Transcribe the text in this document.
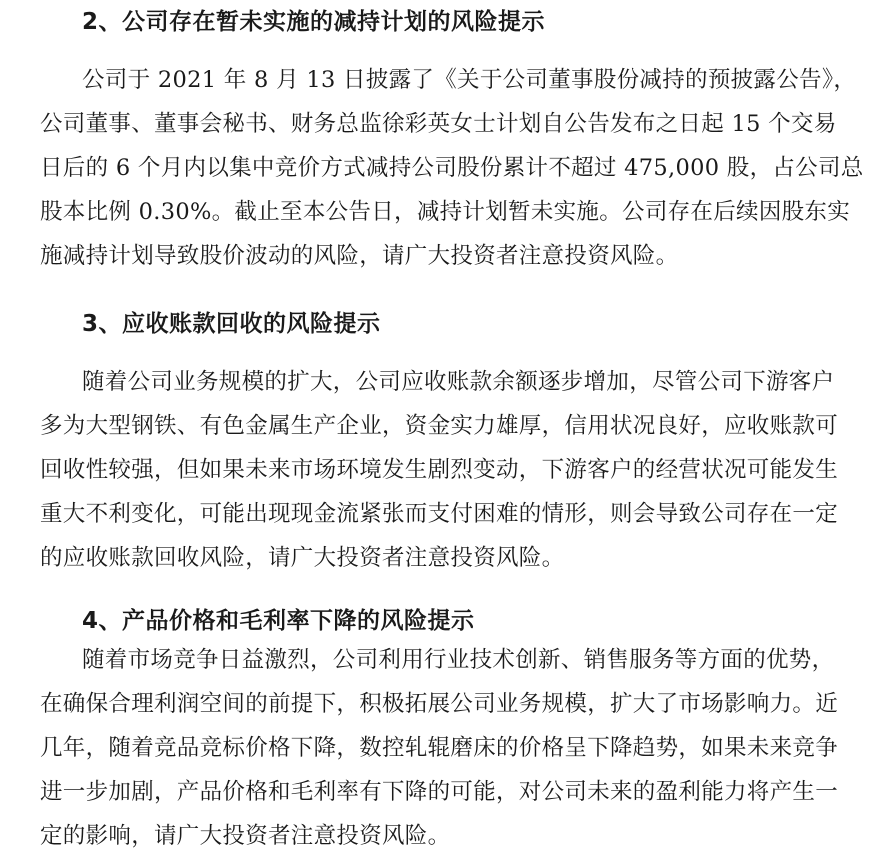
2、公司存在暂未实施的减持计划的风险提示
公司于 2021 年 8 月 13 日披露了《关于公司董事股份减持的预披露公告》，
公司董事、董事会秘书、财务总监徐彩英女士计划自公告发布之日起 15 个交易
日后的 6 个月内以集中竞价方式减持公司股份累计不超过 475,000 股，占公司总
股本比例 0.30%。截止至本公告日，减持计划暂未实施。公司存在后续因股东实
施减持计划导致股价波动的风险，请广大投资者注意投资风险。
3、应收账款回收的风险提示
随着公司业务规模的扩大，公司应收账款余额逐步增加，尽管公司下游客户
多为大型钢铁、有色金属生产企业，资金实力雄厚，信用状况良好，应收账款可
回收性较强，但如果未来市场环境发生剧烈变动，下游客户的经营状况可能发生
重大不利变化，可能出现现金流紧张而支付困难的情形，则会导致公司存在一定
的应收账款回收风险，请广大投资者注意投资风险。
4、产品价格和毛利率下降的风险提示
随着市场竞争日益激烈，公司利用行业技术创新、销售服务等方面的优势，
在确保合理利润空间的前提下，积极拓展公司业务规模，扩大了市场影响力。近
几年，随着竞品竞标价格下降，数控轧辊磨床的价格呈下降趋势，如果未来竞争
进一步加剧，产品价格和毛利率有下降的可能，对公司未来的盈利能力将产生一
定的影响，请广大投资者注意投资风险。
